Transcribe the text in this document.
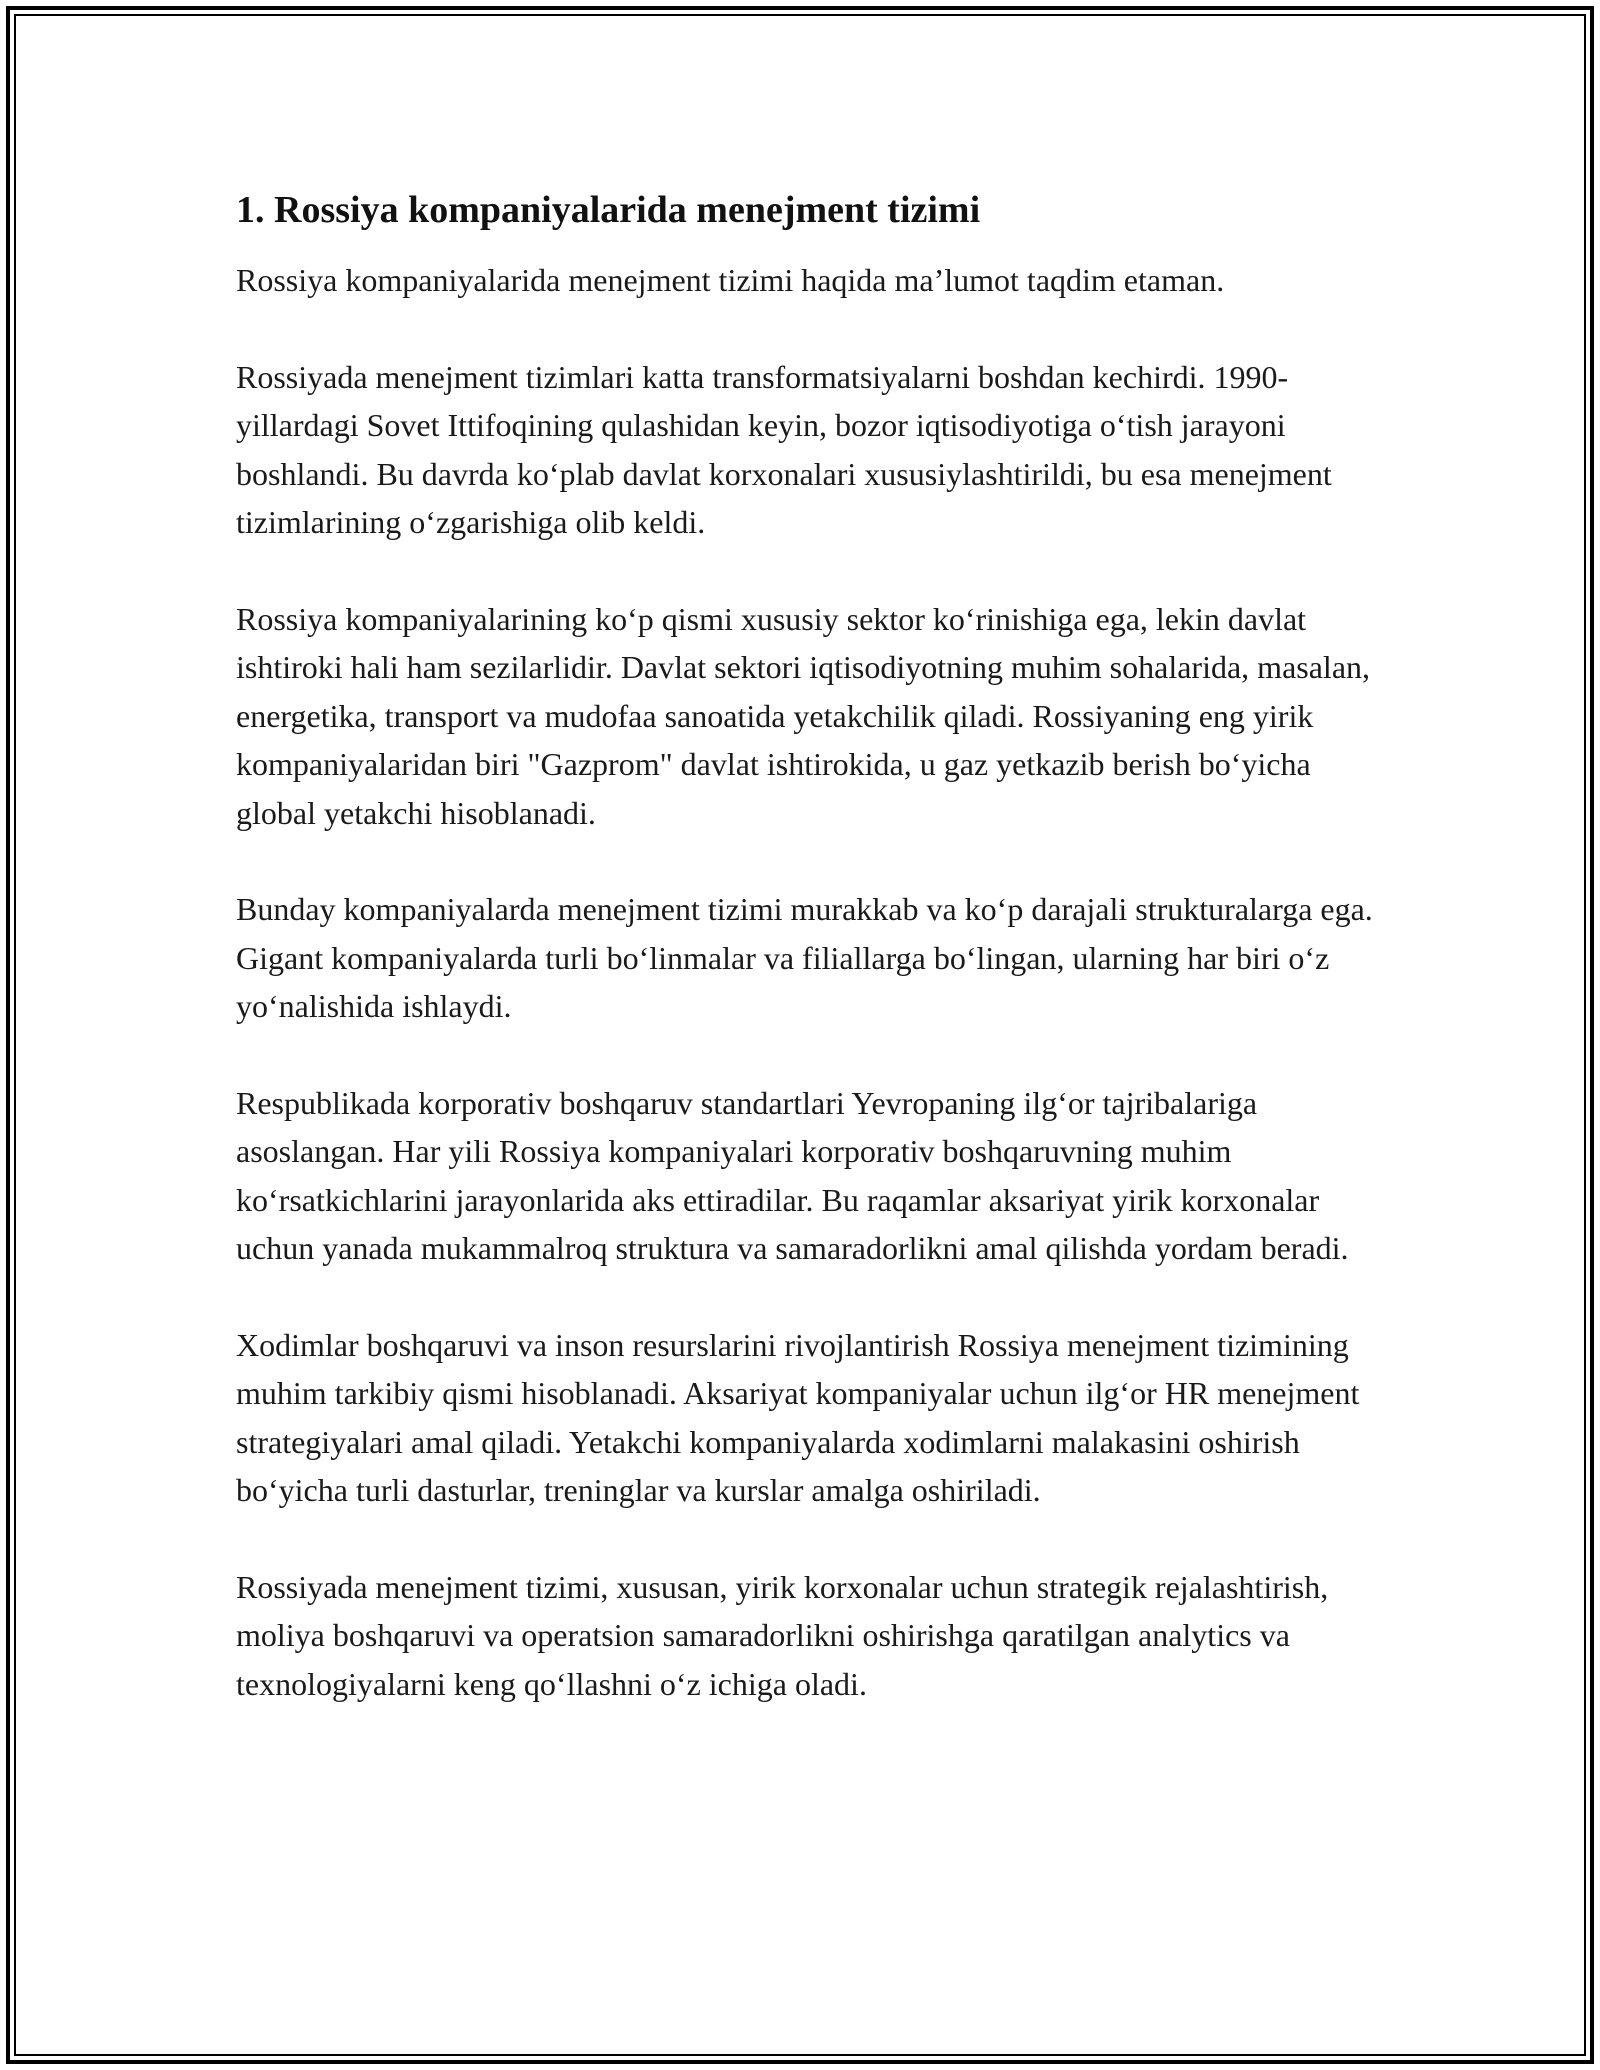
1. Rossiya kompaniyalarida menejment tizimi

Rossiya kompaniyalarida menejment tizimi haqida ma’lumot taqdim etaman.

Rossiyada menejment tizimlari katta transformatsiyalarni boshdan kechirdi. 1990-yillardagi Sovet Ittifoqining qulashidan keyin, bozor iqtisodiyotiga o‘tish jarayoni boshlandi. Bu davrda ko‘plab davlat korxonalari xususiylashtirildi, bu esa menejment tizimlarining o‘zgarishiga olib keldi.

Rossiya kompaniyalarining ko‘p qismi xususiy sektor ko‘rinishiga ega, lekin davlat ishtiroki hali ham sezilarlidir. Davlat sektori iqtisodiyotning muhim sohalarida, masalan, energetika, transport va mudofaa sanoatida yetakchilik qiladi. Rossiyaning eng yirik kompaniyalaridan biri "Gazprom" davlat ishtirokida, u gaz yetkazib berish bo‘yicha global yetakchi hisoblanadi.

Bunday kompaniyalarda menejment tizimi murakkab va ko‘p darajali strukturalarga ega. Gigant kompaniyalarda turli bo‘linmalar va filiallarga bo‘lingan, ularning har biri o‘z yo‘nalishida ishlaydi.

Respublikada korporativ boshqaruv standartlari Yevropaning ilg‘or tajribalariga asoslangan. Har yili Rossiya kompaniyalari korporativ boshqaruvning muhim ko‘rsatkichlarini jarayonlarida aks ettiradilar. Bu raqamlar aksariyat yirik korxonalar uchun yanada mukammalroq struktura va samaradorlikni amal qilishda yordam beradi.

Xodimlar boshqaruvi va inson resurslarini rivojlantirish Rossiya menejment tizimining muhim tarkibiy qismi hisoblanadi. Aksariyat kompaniyalar uchun ilg‘or HR menejment strategiyalari amal qiladi. Yetakchi kompaniyalarda xodimlarni malakasini oshirish bo‘yicha turli dasturlar, treninglar va kurslar amalga oshiriladi.

Rossiyada menejment tizimi, xususan, yirik korxonalar uchun strategik rejalashtirish, moliya boshqaruvi va operatsion samaradorlikni oshirishga qaratilgan analytics va texnologiyalarni keng qo‘llashni o‘z ichiga oladi.
